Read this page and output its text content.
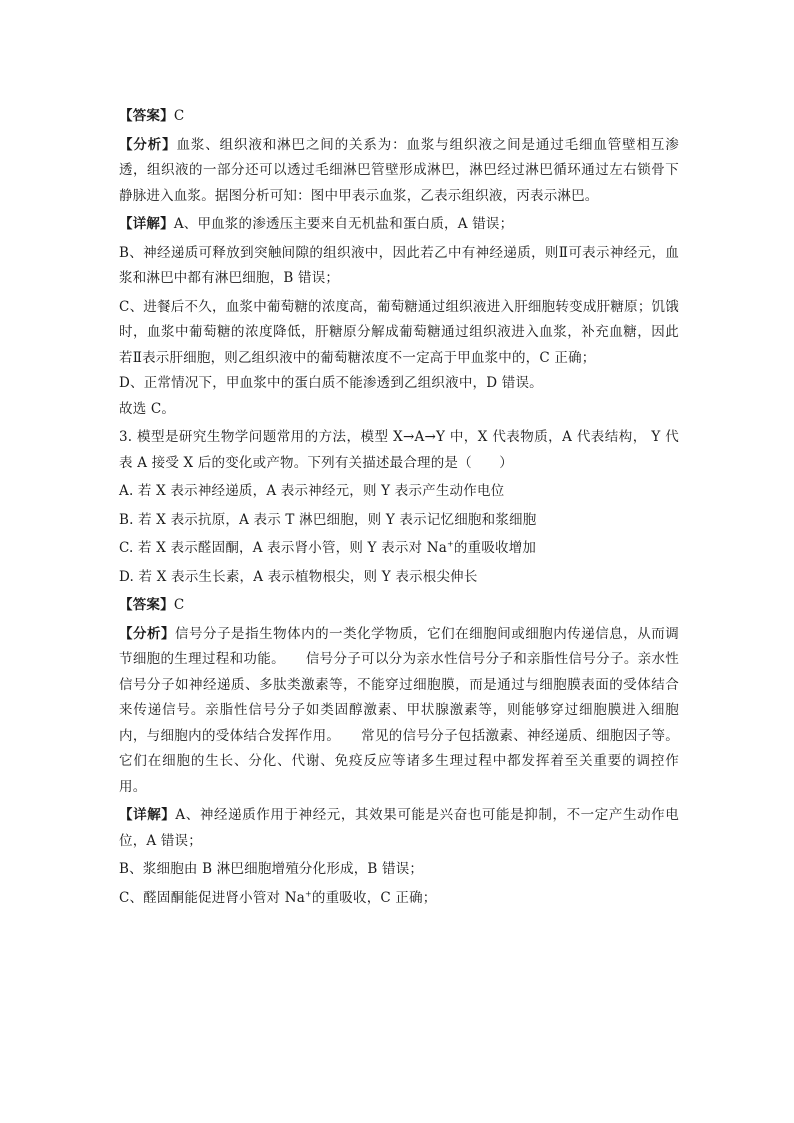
【答案】C

【分析】血浆、组织液和淋巴之间的关系为：血浆与组织液之间是通过毛细血管壁相互渗透，组织液的一部分还可以透过毛细淋巴管壁形成淋巴，淋巴经过淋巴循环通过左右锁骨下静脉进入血浆。据图分析可知：图中甲表示血浆，乙表示组织液，丙表示淋巴。

【详解】A、甲血浆的渗透压主要来自无机盐和蛋白质，A 错误；

B、神经递质可释放到突触间隙的组织液中，因此若乙中有神经递质，则Ⅱ可表示神经元，血浆和淋巴中都有淋巴细胞，B 错误；

C、进餐后不久，血浆中葡萄糖的浓度高，葡萄糖通过组织液进入肝细胞转变成肝糖原；饥饿时，血浆中葡萄糖的浓度降低，肝糖原分解成葡萄糖通过组织液进入血浆，补充血糖，因此若Ⅱ表示肝细胞，则乙组织液中的葡萄糖浓度不一定高于甲血浆中的，C 正确；

D、正常情况下，甲血浆中的蛋白质不能渗透到乙组织液中，D 错误。

故选 C。

3. 模型是研究生物学问题常用的方法，模型 X→A→Y 中，X 代表物质，A 代表结构， Y 代表 A 接受 X 后的变化或产物。下列有关描述最合理的是（　　）

A. 若 X 表示神经递质，A 表示神经元，则 Y 表示产生动作电位

B. 若 X 表示抗原，A 表示 T 淋巴细胞，则 Y 表示记忆细胞和浆细胞

C. 若 X 表示醛固酮，A 表示肾小管，则 Y 表示对 Na+的重吸收增加

D. 若 X 表示生长素，A 表示植物根尖，则 Y 表示根尖伸长

【答案】C

【分析】信号分子是指生物体内的一类化学物质，它们在细胞间或细胞内传递信息，从而调节细胞的生理过程和功能。　　信号分子可以分为亲水性信号分子和亲脂性信号分子。亲水性信号分子如神经递质、多肽类激素等，不能穿过细胞膜，而是通过与细胞膜表面的受体结合来传递信号。亲脂性信号分子如类固醇激素、甲状腺激素等，则能够穿过细胞膜进入细胞内，与细胞内的受体结合发挥作用。　　常见的信号分子包括激素、神经递质、细胞因子等。它们在细胞的生长、分化、代谢、免疫反应等诸多生理过程中都发挥着至关重要的调控作用。

【详解】A、神经递质作用于神经元，其效果可能是兴奋也可能是抑制，不一定产生动作电位，A 错误；

B、浆细胞由 B 淋巴细胞增殖分化形成，B 错误；

C、醛固酮能促进肾小管对 Na+的重吸收，C 正确；
